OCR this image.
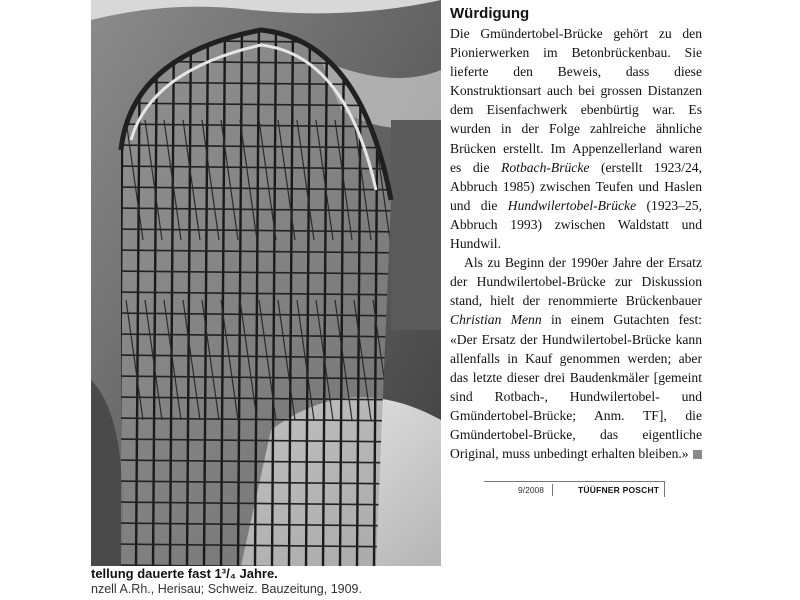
tellung dauerte fast 1³/₄ Jahre.
nzell A.Rh., Herisau; Schweiz. Bauzeitung, 1909.
Würdigung

Die Gmündertobel-Brücke gehört zu den Pionierwerken im Betonbrückenbau. Sie lieferte den Beweis, dass diese Konstruktionsart auch bei grossen Distanzen dem Eisenfachwerk ebenbürtig war. Es wurden in der Folge zahlreiche ähnliche Brücken erstellt. Im Appenzellerland waren es die Rotbach-Brücke (erstellt 1923/24, Abbruch 1985) zwischen Teufen und Haslen und die Hundwilertobel-Brücke (1923–25, Abbruch 1993) zwischen Waldstatt und Hundwil.

Als zu Beginn der 1990er Jahre der Ersatz der Hundwilertobel-Brücke zur Diskussion stand, hielt der renommierte Brückenbauer Christian Menn in einem Gutachten fest: «Der Ersatz der Hundwilertobel-Brücke kann allenfalls in Kauf genommen werden; aber das letzte dieser drei Baudenkmäler [gemeint sind Rotbach-, Hundwilertobel- und Gmündertobel-Brücke; Anm. TF], die Gmündertobel-Brücke, das eigentliche Original, muss unbedingt erhalten bleiben.»

9/2008	TÜÜFNER POSCHT
